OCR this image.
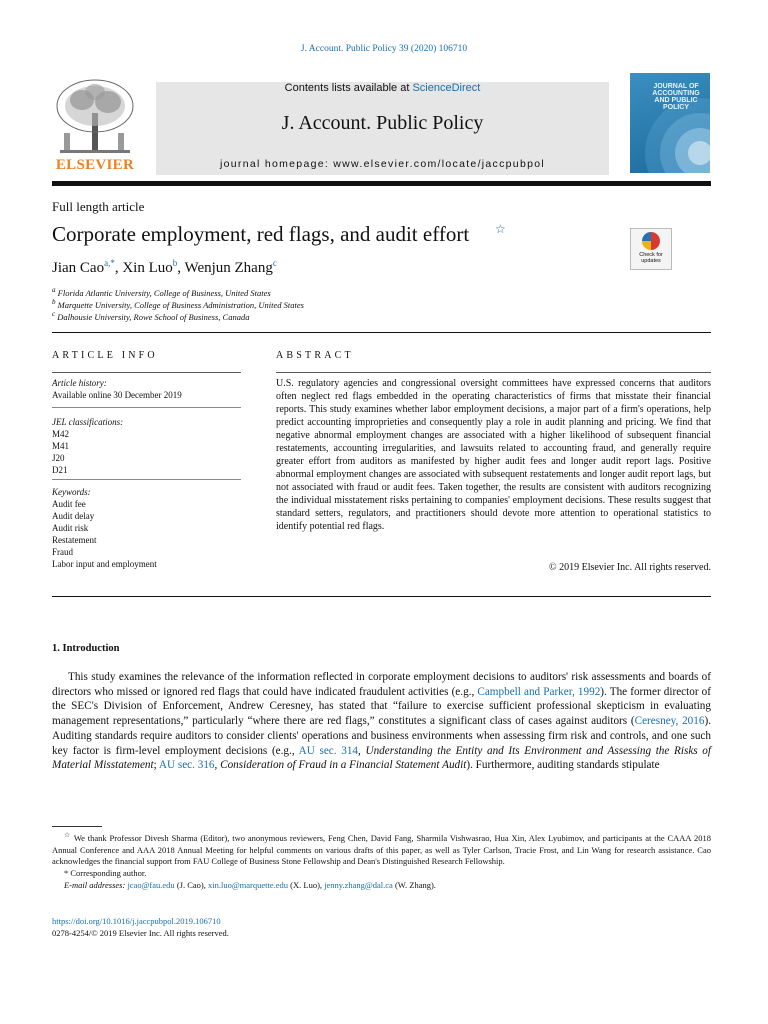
J. Account. Public Policy 39 (2020) 106710
ELSEVIER
Contents lists available at ScienceDirect
J. Account. Public Policy
journal homepage: www.elsevier.com/locate/jaccpubpol
JOURNAL OF ACCOUNTING AND PUBLIC POLICY
Full length article
Corporate employment, red flags, and audit effort ☆
Check for updates
Jian Cao$^{a,*}$, Xin Luo$^b$, Wenjun Zhang$^c$
$^a$ Florida Atlantic University, College of Business, United States
$^b$ Marquette University, College of Business Administration, United States
$^c$ Dalhousie University, Rowe School of Business, Canada
ARTICLE INFO	ABSTRACT
Article history:
Available online 30 December 2019
JEL classifications:
M42
M41
J20
D21
Keywords:
Audit fee
Audit delay
Audit risk
Restatement
Fraud
Labor input and employment
U.S. regulatory agencies and congressional oversight committees have expressed concerns that auditors often neglect red flags embedded in the operating characteristics of firms that misstate their financial reports. This study examines whether labor employment decisions, a major part of a firm's operations, help predict accounting improprieties and consequently play a role in audit planning and pricing. We find that negative abnormal employment changes are associated with a higher likelihood of subsequent financial restatements, accounting irregularities, and lawsuits related to accounting fraud, and generally require greater effort from auditors as manifested by higher audit fees and longer audit report lags. Positive abnormal employment changes are associated with subsequent restatements and longer audit report lags, but not associated with fraud or audit fees. Taken together, the results are consistent with auditors recognizing the individual misstatement risks pertaining to companies' employment decisions. These results suggest that standard setters, regulators, and practitioners should devote more attention to operational statistics to identify potential red flags.
© 2019 Elsevier Inc. All rights reserved.
1. Introduction

This study examines the relevance of the information reflected in corporate employment decisions to auditors' risk assessments and boards of directors who missed or ignored red flags that could have indicated fraudulent activities (e.g., Campbell and Parker, 1992). The former director of the SEC's Division of Enforcement, Andrew Ceresney, has stated that “failure to exercise sufficient professional skepticism in evaluating management representations,” particularly “where there are red flags,” constitutes a significant class of cases against auditors (Ceresney, 2016). Auditing standards require auditors to consider clients' operations and business environments when assessing firm risk and controls, and one such key factor is firm-level employment decisions (e.g., AU sec. 314, Understanding the Entity and Its Environment and Assessing the Risks of Material Misstatement; AU sec. 316, Consideration of Fraud in a Financial Statement Audit). Furthermore, auditing standards stipulate

☆ We thank Professor Divesh Sharma (Editor), two anonymous reviewers, Feng Chen, David Fang, Sharmila Vishwasrao, Hua Xin, Alex Lyubimov, and participants at the CAAA 2018 Annual Conference and AAA 2018 Annual Meeting for helpful comments on various drafts of this paper, as well as Tyler Carlson, Tracie Frost, and Lin Wang for research assistance. Cao acknowledges the financial support from FAU College of Business Stone Fellowship and Dean's Distinguished Research Fellowship.

* Corresponding author.

E-mail addresses: jcao@fau.edu (J. Cao), xin.luo@marquette.edu (X. Luo), jenny.zhang@dal.ca (W. Zhang).

https://doi.org/10.1016/j.jaccpubpol.2019.106710
0278-4254/© 2019 Elsevier Inc. All rights reserved.
